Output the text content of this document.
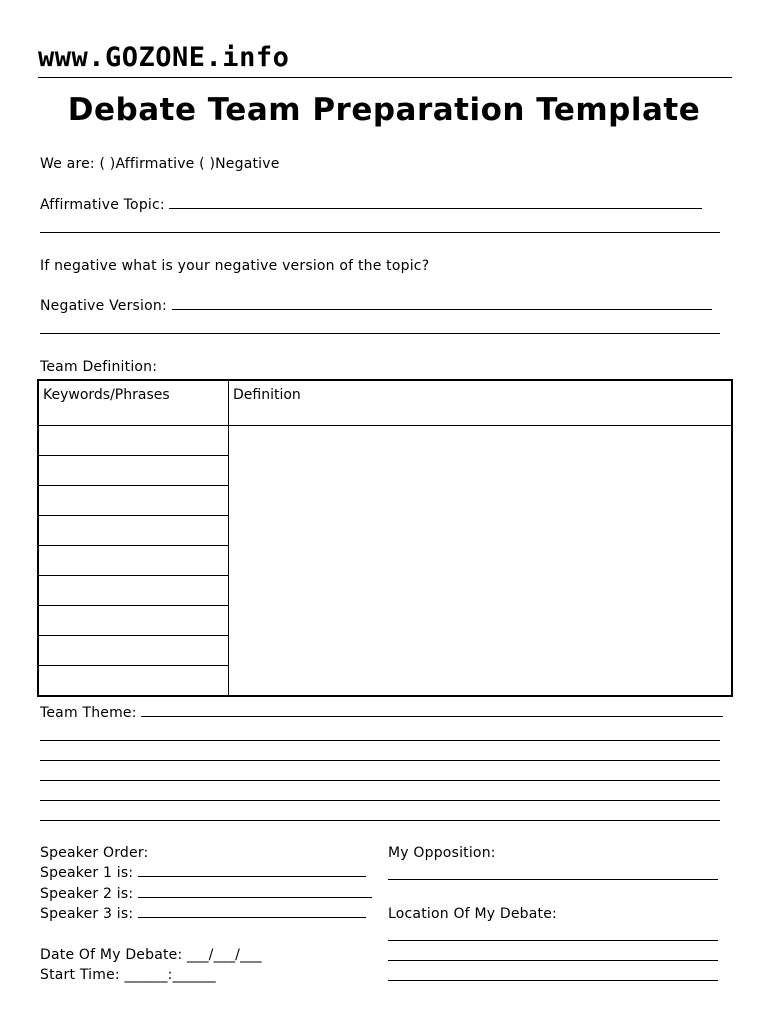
www.GOZONE.info
Debate Team Preparation Template
We are: ( )Affirmative ( )Negative
Affirmative Topic:
If negative what is your negative version of the topic?
Negative Version:
Team Definition:
Keywords/Phrases	Definition

Team Theme:
Speaker Order:
Speaker 1 is:
Speaker 2 is:
Speaker 3 is:
Date Of My Debate: ___/___/___
Start Time: ______:______
My Opposition:
Location Of My Debate:
